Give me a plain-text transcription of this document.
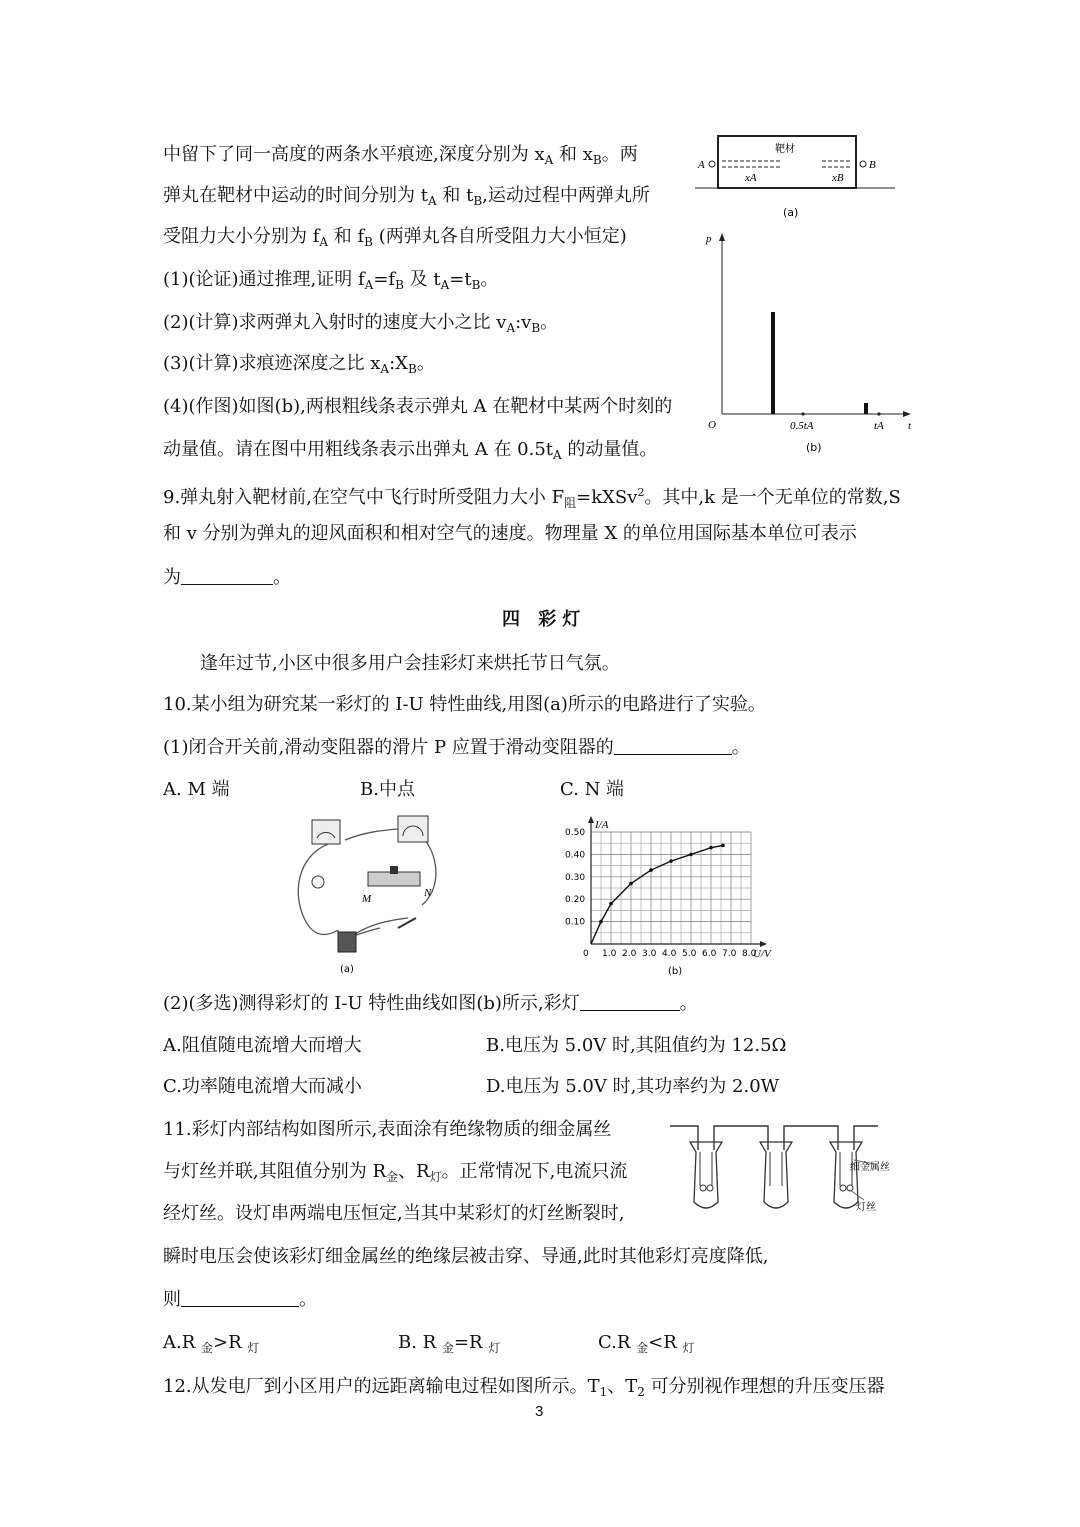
中留下了同一高度的两条水平痕迹,深度分别为 $x_A$ 和 $x_B$。两
弹丸在靶材中运动的时间分别为 $t_A$ 和 $t_B$,运动过程中两弹丸所
受阻力大小分别为 $f_A$ 和 $f_B$ (两弹丸各自所受阻力大小恒定)
(1)(论证)通过推理,证明 $f_A=f_B$ 及 $t_A=t_B$。
(2)(计算)求两弹丸入射时的速度大小之比 $v_A:v_B$。
(3)(计算)求痕迹深度之比 $x_A:X_B$。
(4)(作图)如图(b),两根粗线条表示弹丸 A 在靶材中某两个时刻的
动量值。请在图中用粗线条表示出弹丸 A 在 $0.5t_A$ 的动量值。
靶材
A
xA
B
xB
(a)
p
O	0.5tA	tA t
(b)
9.弹丸射入靶材前,在空气中飞行时所受阻力大小 $F_阻=kXSv^2$。其中,k 是一个无单位的常数,S
和 v 分别为弹丸的迎风面积和相对空气的速度。物理量 X 的单位用国际基本单位可表示
为	。
四 彩灯
逢年过节,小区中很多用户会挂彩灯来烘托节日气氛。
10.某小组为研究某一彩灯的 I-U 特性曲线,用图(a)所示的电路进行了实验。
(1)闭合开关前,滑动变阻器的滑片 P 应置于滑动变阻器的	。
A. M 端	B.中点	C. N 端
M	N
(a)
1.0 2.0 3.0 4.0 5.0 6.0 7.0 8.0
0.10
0.20
0.30
0.40
0.50
U/V
I/A
0
(b)
(2)(多选)测得彩灯的 I-U 特性曲线如图(b)所示,彩灯	。
A.阻值随电流增大而增大	B.电压为 5.0V 时,其阻值约为 12.5Ω
C.功率随电流增大而减小	D.电压为 5.0V 时,其功率约为 2.0W
11.彩灯内部结构如图所示,表面涂有绝缘物质的细金属丝
与灯丝并联,其阻值分别为 $R_金$、$R_灯$。正常情况下,电流只流
经灯丝。设灯串两端电压恒定,当其中某彩灯的灯丝断裂时,
瞬时电压会使该彩灯细金属丝的绝缘层被击穿、导通,此时其他彩灯亮度降低,
则	。
A.R $_金$>R $_灯$	B. R $_金$=R $_灯$	C.R $_金$<R $_灯$
细金属丝
灯丝
12.从发电厂到小区用户的远距离输电过程如图所示。$T_1$、$T_2$ 可分别视作理想的升压变压器
3
